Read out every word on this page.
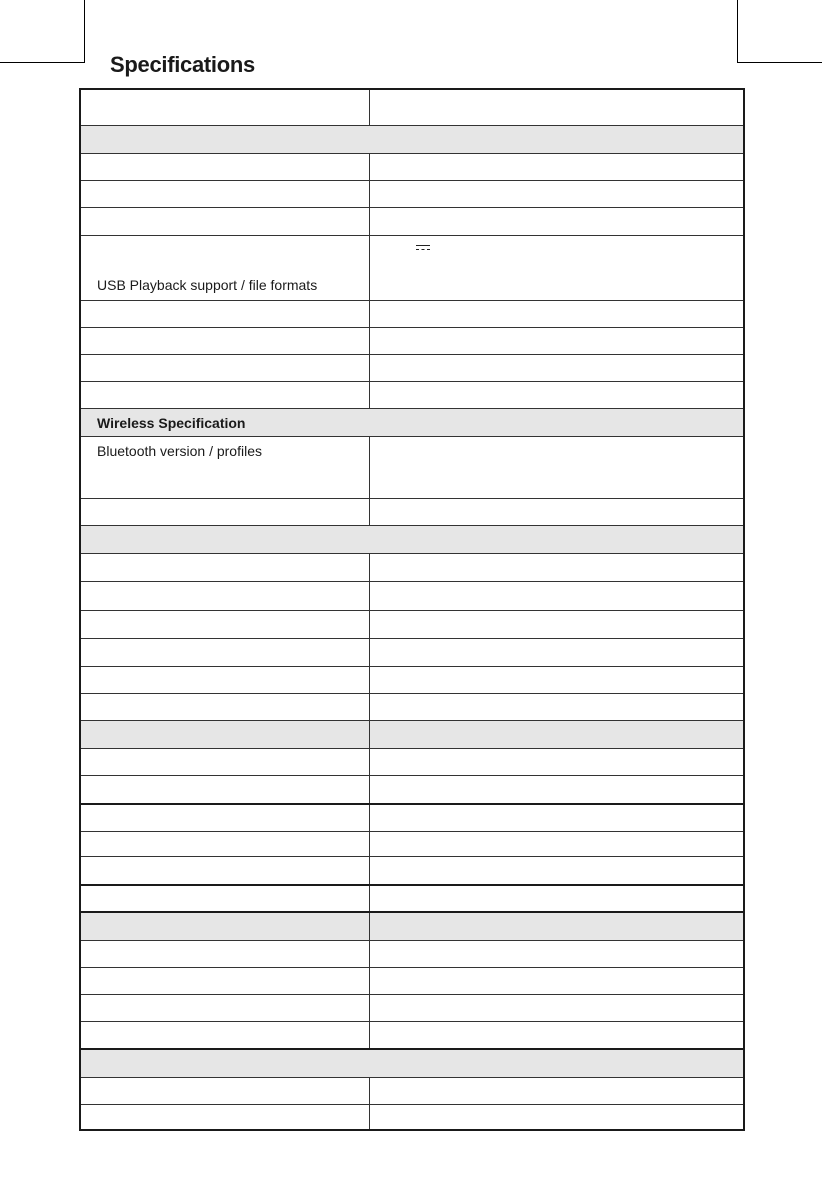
Specifications
USB Playback support / file formats
Wireless Specification
Bluetooth version / profiles
